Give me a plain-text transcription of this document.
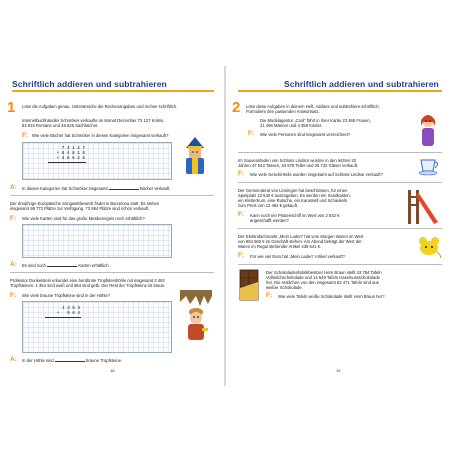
Schriftlich addieren und subtrahieren
1 Löse die Aufgaben genau. Unterstreiche die Rechenangaben und rechne schriftlich.
Internetbuchhändler Schmöker verkaufte im Monat Dezember 73 127 Krimis,
84 815 Romane und 48 625 Sachbücher.
F: Wie viele Bücher hat Schmöker in diesen Kategorien insgesamt verkauft?
7 3 1 2 7
+ 8 4 8 1 5
+ 4 8 6 2 5
A: In diesen Kategorien hat Schmöker insgesamt	Bücher verkauft.
Der dreiphrige Europäische Songwettbewerb findet in Barcelona statt. Es stehen
insgesamt 98 772 Plätze zur Verfügung. 73 964 Plätze sind schon verkauft.
F: Wie viele Karten sind für das große Musikereignis noch erhältlich?
A: Es sind noch	Karten erhältlich.
Professor Dunkelstein erkundet eine berühmte Tropfsteinhöhle mit insgesamt 3 492
Tropfsteinen. 1 354 sind weiß und 964 sind gelb. Der Rest der Tropfsteine ist braun.
F: Wie viele braune Tropfsteine sind in der Höhle?
1 3 5 4
+   9 6 4
A: In der Höhle sind	braune Tropfsteine.
18
Schriftlich addieren und subtrahieren
2 Löse diese Aufgaben in deinem Heft. Addiere und subtrahiere schriftlich.
Formuliere den passenden Antwortsatz.
Die Modelagentur „Cool“ führt in ihrer Kartei 23 465 Frauen,
21 496 Männer und 4 358 Kinder.
F: Wie viele Personen sind insgesamt verzeichnet?
Im Souvenirladen von Schloss Lindsor wurden in den letzten 20
Jahren 47 543 Tassen, 53 975 Teller und 35 742 Gläser verkauft.
F: Wie viele Geschirrteile wurden insgesamt auf Schloss Lindsor verkauft?
Der Gemeinderat von Linningen hat beschlossen, für einen
Spielplatz 13 540 € auszugeben. Es werden ein Sandkasten,
ein Klettertrum, eine Rutsche, ein Karussell und Schaukeln
zum Preis von 12 464 € gekauft.
F: Kann noch ein Piratenschiff im Wert von 2 542 €
angeschafft werden?
Der Elektrofachmarkt „Mein Laden“ hat vom Morgen Waren im Wert
von 984 560 € im Geschäft stehen. Am Abend beträgt der Wert der
Waren im Regal stehender Artikel 439 541 €.
F: Für wie viel Euro hat „Mein Laden“ Artikel verkauft?
Der Schokoladenfabrikbesitzer Hern Braun stellt 43 754 Tafeln
Vollmilchschokolade und 14 549 Tafeln Haselnussschokolade
her. Die restlichen von den insgesamt 82 471 Tafeln sind aus
weißer Schokolade.
F: Wie viele Tafeln weiße Schokolade stellt Hern Braun her?
19
